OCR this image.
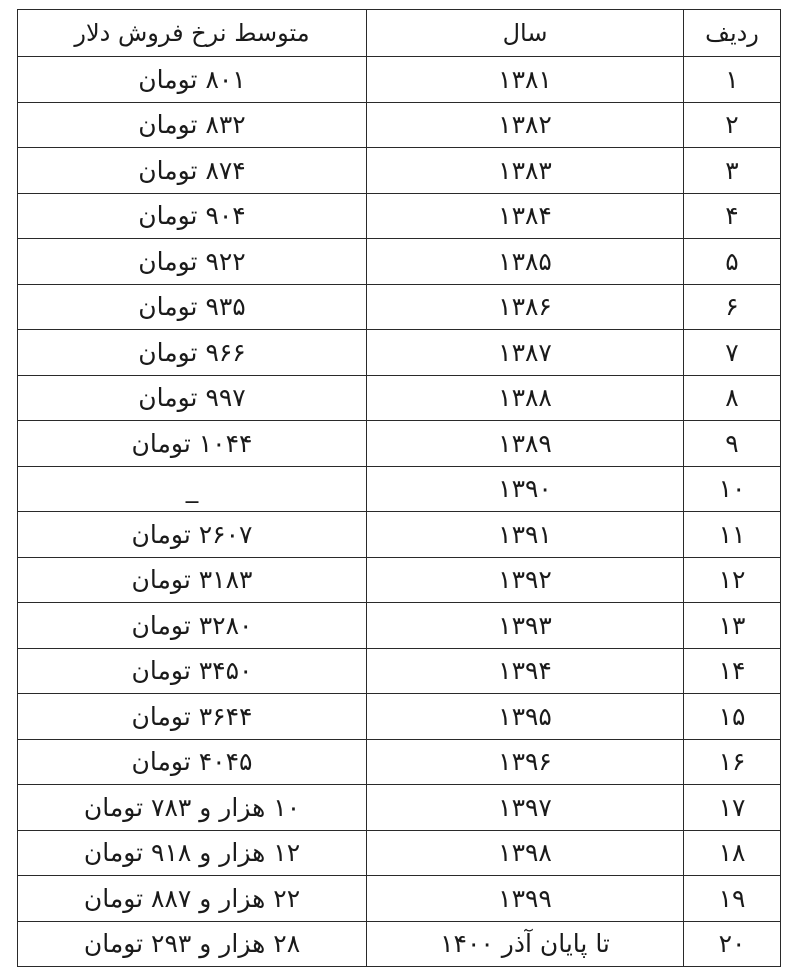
ردیف	سال	متوسط نرخ فروش دلار
۱	۱۳۸۱	۸۰۱ تومان
۲	۱۳۸۲	۸۳۲ تومان
۳	۱۳۸۳	۸۷۴ تومان
۴	۱۳۸۴	۹۰۴ تومان
۵	۱۳۸۵	۹۲۲ تومان
۶	۱۳۸۶	۹۳۵ تومان
۷	۱۳۸۷	۹۶۶ تومان
۸	۱۳۸۸	۹۹۷ تومان
۹	۱۳۸۹	۱۰۴۴ تومان
۱۰	۱۳۹۰	_
۱۱	۱۳۹۱	۲۶۰۷ تومان
۱۲	۱۳۹۲	۳۱۸۳ تومان
۱۳	۱۳۹۳	۳۲۸۰ تومان
۱۴	۱۳۹۴	۳۴۵۰ تومان
۱۵	۱۳۹۵	۳۶۴۴ تومان
۱۶	۱۳۹۶	۴۰۴۵ تومان
۱۷	۱۳۹۷	۱۰ هزار و ۷۸۳ تومان
۱۸	۱۳۹۸	۱۲ هزار و ۹۱۸ تومان
۱۹	۱۳۹۹	۲۲ هزار و ۸۸۷ تومان
۲۰	تا پایان آذر ۱۴۰۰	۲۸ هزار و ۲۹۳ تومان
